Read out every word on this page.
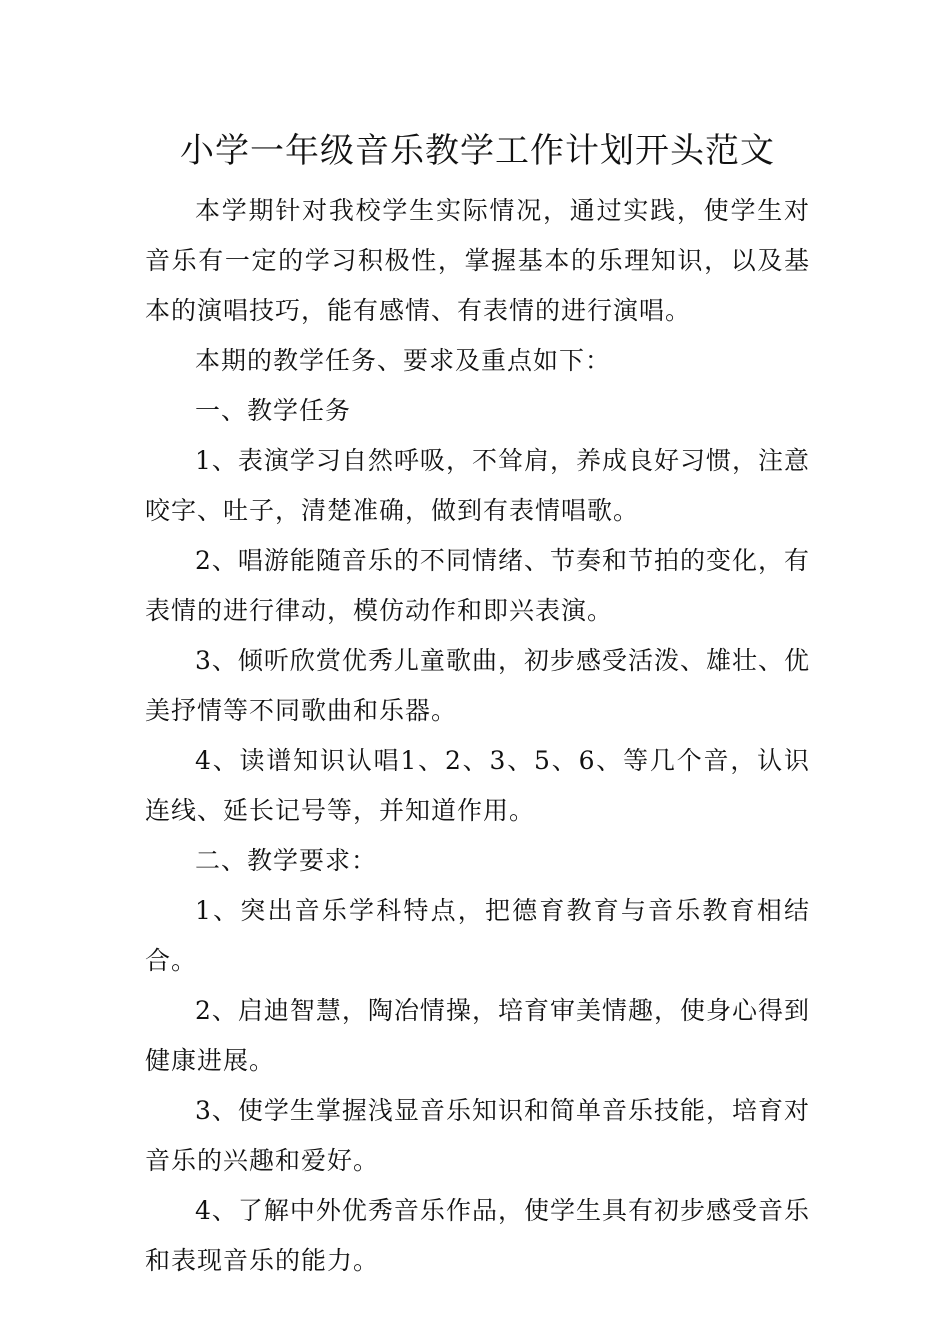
小学一年级音乐教学工作计划开头范文

本学期针对我校学生实际情况，通过实践，使学生对音乐有一定的学习积极性，掌握基本的乐理知识，以及基本的演唱技巧，能有感情、有表情的进行演唱。

本期的教学任务、要求及重点如下：

一、教学任务

1、表演学习自然呼吸，不耸肩，养成良好习惯，注意咬字、吐子，清楚准确，做到有表情唱歌。

2、唱游能随音乐的不同情绪、节奏和节拍的变化，有表情的进行律动，模仿动作和即兴表演。

3、倾听欣赏优秀儿童歌曲，初步感受活泼、雄壮、优美抒情等不同歌曲和乐器。

4、读谱知识认唱1、2、3、5、6、等几个音，认识连线、延长记号等，并知道作用。

二、教学要求：

1、突出音乐学科特点，把德育教育与音乐教育相结合。

2、启迪智慧，陶冶情操，培育审美情趣，使身心得到健康进展。

3、使学生掌握浅显音乐知识和简单音乐技能，培育对音乐的兴趣和爱好。

4、了解中外优秀音乐作品，使学生具有初步感受音乐和表现音乐的能力。
